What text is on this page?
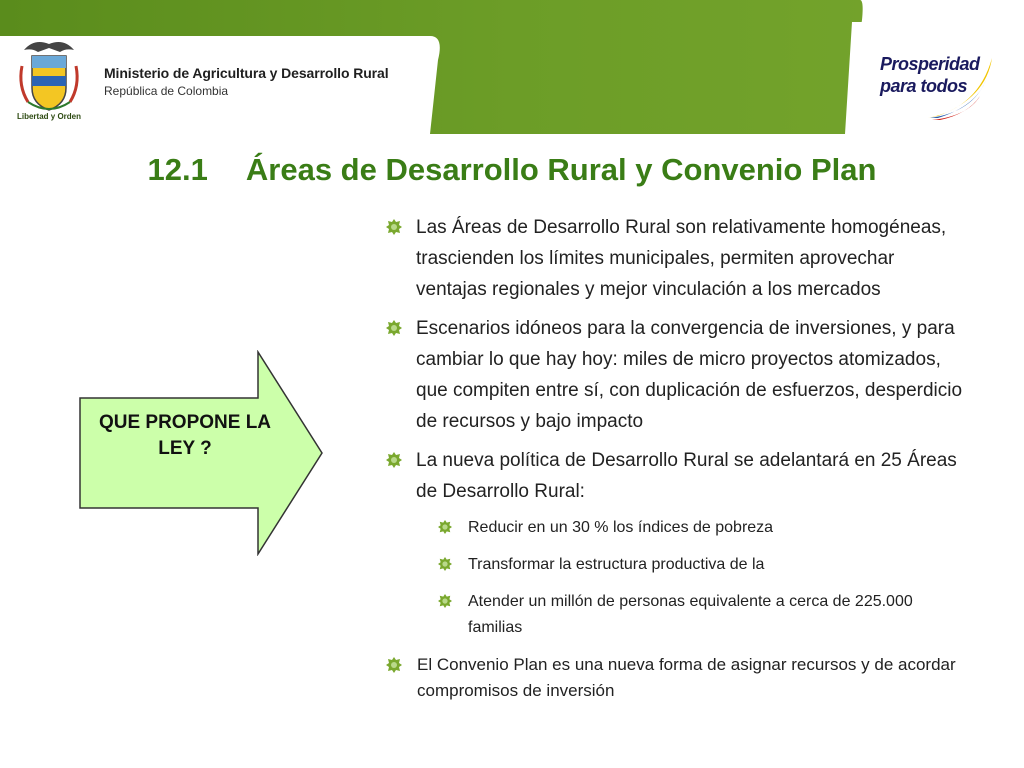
Libertad y Orden
Ministerio de Agricultura y Desarrollo Rural
República de Colombia
Prosperidad
para todos
12.1 Áreas de Desarrollo Rural y Convenio Plan
QUE PROPONE LA LEY ?
Las Áreas de Desarrollo Rural son relativamente homogéneas, trascienden los límites municipales, permiten aprovechar ventajas regionales y mejor vinculación a los mercados
Escenarios idóneos para la convergencia de inversiones, y para cambiar lo que hay hoy: miles de micro proyectos atomizados, que compiten entre sí, con duplicación de esfuerzos, desperdicio de recursos y bajo impacto
La nueva política de Desarrollo Rural se adelantará en 25 Áreas de Desarrollo Rural:
Reducir en un 30 % los índices de pobreza
Transformar la estructura productiva de la
Atender un millón de personas equivalente a cerca de 225.000 familias
El Convenio Plan es una nueva forma de asignar recursos y de acordar compromisos de inversión
